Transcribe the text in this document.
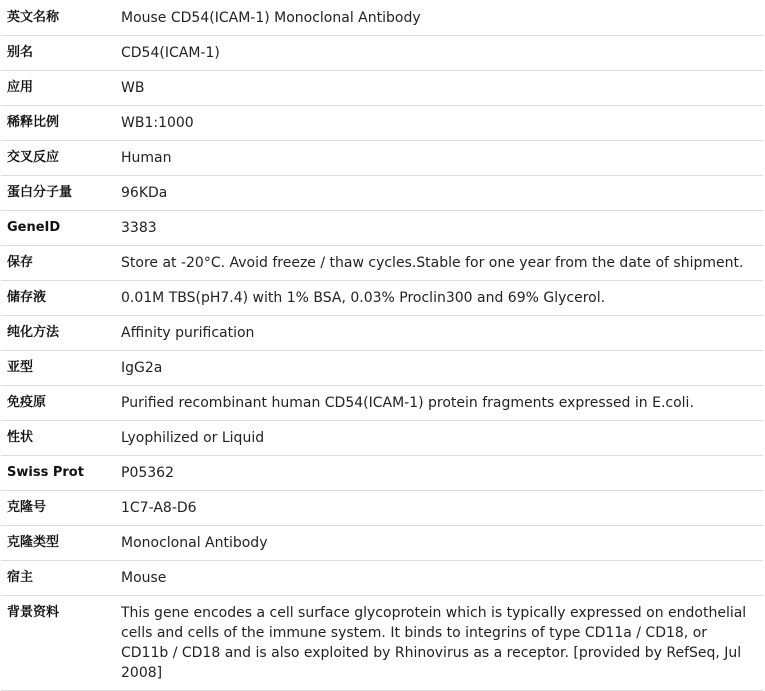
英文名称	Mouse CD54(ICAM-1) Monoclonal Antibody

别名	CD54(ICAM-1)

应用	WB

稀释比例	WB1:1000

交叉反应	Human

蛋白分子量	96KDa

GeneID	3383

保存	Store at -20°C. Avoid freeze / thaw cycles.Stable for one year from the date of shipment.

储存液	0.01M TBS(pH7.4) with 1% BSA, 0.03% Proclin300 and 69% Glycerol.

纯化方法	Affinity purification

亚型	IgG2a

免疫原	Purified recombinant human CD54(ICAM-1) protein fragments expressed in E.coli.

性状	Lyophilized or Liquid

Swiss Prot	P05362

克隆号	1C7-A8-D6

克隆类型	Monoclonal Antibody

宿主	Mouse

背景资料	This gene encodes a cell surface glycoprotein which is typically expressed on endothelial cells and cells of the immune system. It binds to integrins of type CD11a / CD18, or CD11b / CD18 and is also exploited by Rhinovirus as a receptor. [provided by RefSeq, Jul 2008]
